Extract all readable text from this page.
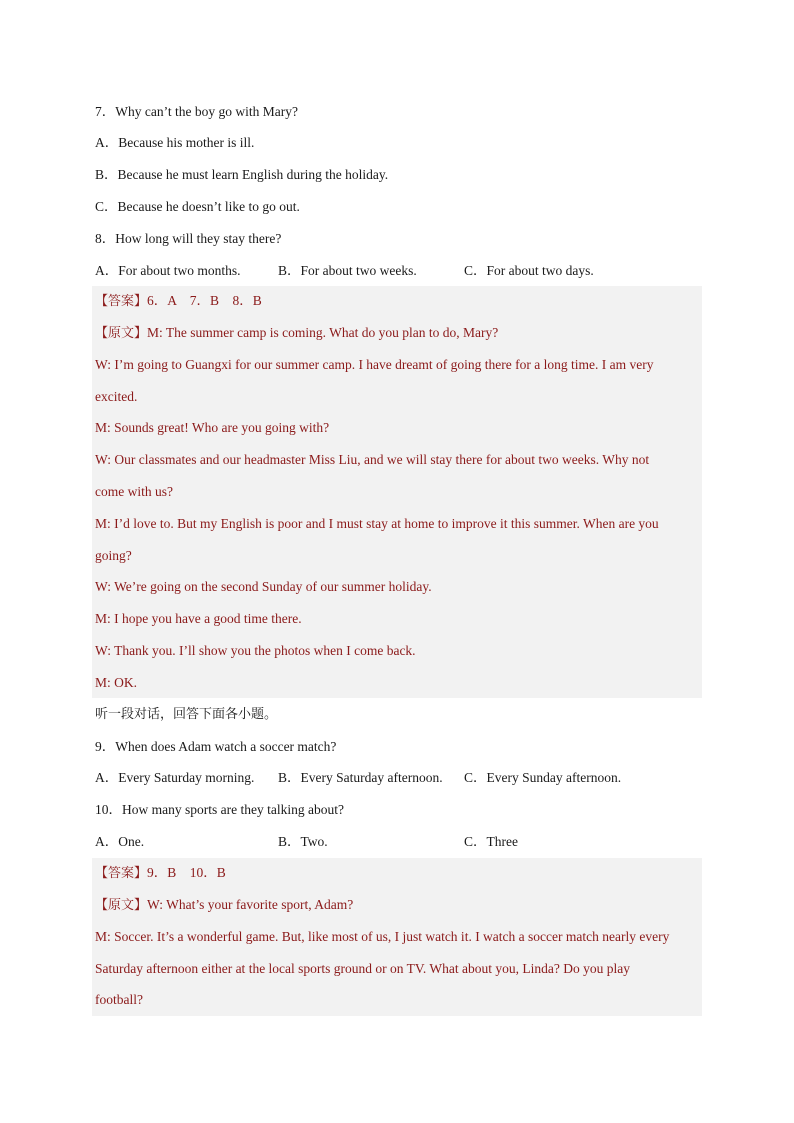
7．Why can’t the boy go with Mary?
A．Because his mother is ill.
B．Because he must learn English during the holiday.
C．Because he doesn’t like to go out.
8．How long will they stay there?
A．For about two months.	B．For about two weeks.	C．For about two days.
【答案】6．A　7．B　8．B
【原文】M: The summer camp is coming. What do you plan to do, Mary?
W: I’m going to Guangxi for our summer camp. I have dreamt of going there for a long time. I am very
excited.
M: Sounds great! Who are you going with?
W: Our classmates and our headmaster Miss Liu, and we will stay there for about two weeks. Why not
come with us?
M: I’d love to. But my English is poor and I must stay at home to improve it this summer. When are you
going?
W: We’re going on the second Sunday of our summer holiday.
M: I hope you have a good time there.
W: Thank you. I’ll show you the photos when I come back.
M: OK.
听一段对话，回答下面各小题。
9．When does Adam watch a soccer match?
A．Every Saturday morning. B．Every Saturday afternoon. C．Every Sunday afternoon.
10．How many sports are they talking about?
A．One.	B．Two.	C．Three
【答案】9．B　10．B
【原文】W: What’s your favorite sport, Adam?
M: Soccer. It’s a wonderful game. But, like most of us, I just watch it. I watch a soccer match nearly every
Saturday afternoon either at the local sports ground or on TV. What about you, Linda? Do you play
football?
